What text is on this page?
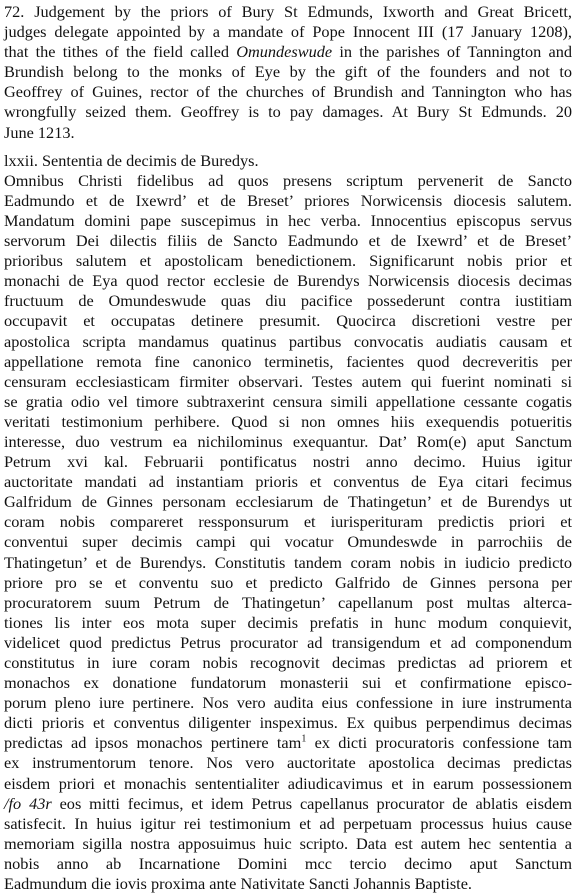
72. Judgement by the priors of Bury St Edmunds, Ixworth and Great Bricett,
judges delegate appointed by a mandate of Pope Innocent III (17 January 1208),
that the tithes of the field called Omundeswude in the parishes of Tannington and
Brundish belong to the monks of Eye by the gift of the founders and not to
Geoffrey of Guines, rector of the churches of Brundish and Tannington who has
wrongfully seized them. Geoffrey is to pay damages. At Bury St Edmunds. 20
June 1213.
lxxii. Sententia de decimis de Buredys.
Omnibus Christi fidelibus ad quos presens scriptum pervenerit de Sancto
Eadmundo et de Ixewrd’ et de Breset’ priores Norwicensis diocesis salutem.
Mandatum domini pape suscepimus in hec verba. Innocentius episcopus servus
servorum Dei dilectis filiis de Sancto Eadmundo et de Ixewrd’ et de Breset’
prioribus salutem et apostolicam benedictionem. Significarunt nobis prior et
monachi de Eya quod rector ecclesie de Burendys Norwicensis diocesis decimas
fructuum de Omundeswude quas diu pacifice possederunt contra iustitiam
occupavit et occupatas detinere presumit. Quocirca discretioni vestre per
apostolica scripta mandamus quatinus partibus convocatis audiatis causam et
appellatione remota fine canonico terminetis, facientes quod decreveritis per
censuram ecclesiasticam firmiter observari. Testes autem qui fuerint nominati si
se gratia odio vel timore subtraxerint censura simili appellatione cessante cogatis
veritati testimonium perhibere. Quod si non omnes hiis exequendis potueritis
interesse, duo vestrum ea nichilominus exequantur. Dat’ Rom(e) aput Sanctum
Petrum xvi kal. Februarii pontificatus nostri anno decimo. Huius igitur
auctoritate mandati ad instantiam prioris et conventus de Eya citari fecimus
Galfridum de Ginnes personam ecclesiarum de Thatingetun’ et de Burendys ut
coram nobis compareret ressponsurum et iurisperituram predictis priori et
conventui super decimis campi qui vocatur Omundeswde in parrochiis de
Thatingetun’ et de Burendys. Constitutis tandem coram nobis in iudicio predicto
priore pro se et conventu suo et predicto Galfrido de Ginnes persona per
procuratorem suum Petrum de Thatingetun’ capellanum post multas alterca-
tiones lis inter eos mota super decimis prefatis in hunc modum conquievit,
videlicet quod predictus Petrus procurator ad transigendum et ad componendum
constitutus in iure coram nobis recognovit decimas predictas ad priorem et
monachos ex donatione fundatorum monasterii sui et confirmatione episco-
porum pleno iure pertinere. Nos vero audita eius confessione in iure instrumenta
dicti prioris et conventus diligenter inspeximus. Ex quibus perpendimus decimas
predictas ad ipsos monachos pertinere tam$^1$ ex dicti procuratoris confessione tam
ex instrumentorum tenore. Nos vero auctoritate apostolica decimas predictas
eisdem priori et monachis sententialiter adiudicavimus et in earum possessionem
/fo 43r eos mitti fecimus, et idem Petrus capellanus procurator de ablatis eisdem
satisfecit. In huius igitur rei testimonium et ad perpetuam processus huius cause
memoriam sigilla nostra apposuimus huic scripto. Data est autem hec sententia a
nobis anno ab Incarnatione Domini mcc tercio decimo aput Sanctum
Eadmundum die iovis proxima ante Nativitate Sancti Johannis Baptiste.
